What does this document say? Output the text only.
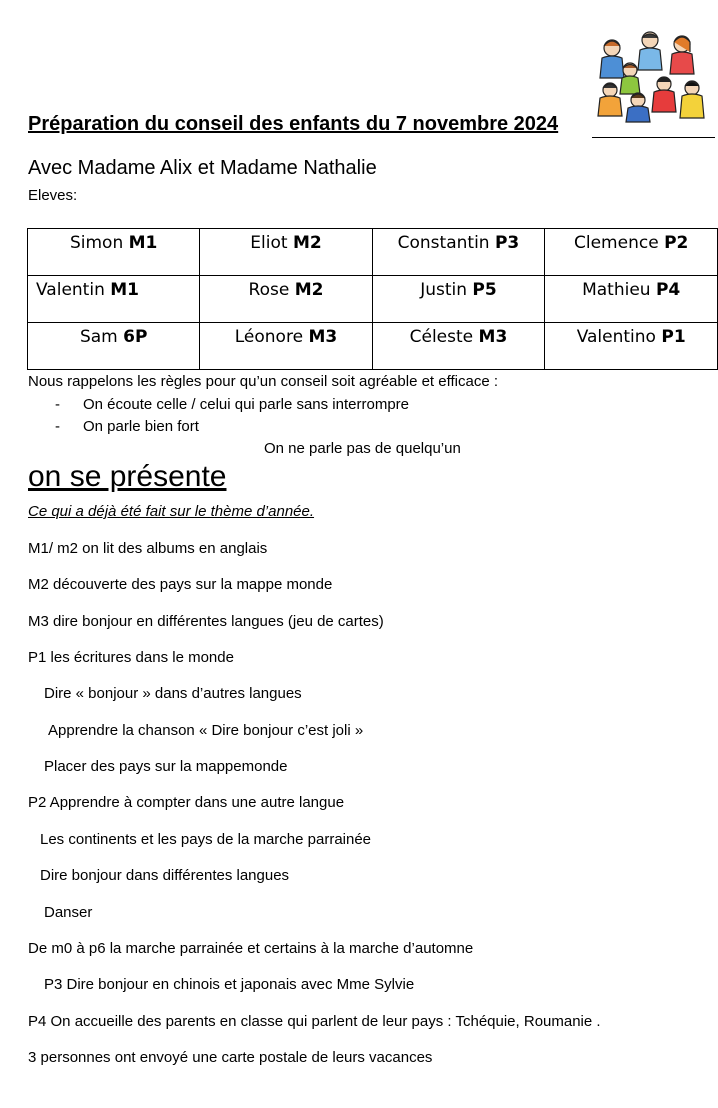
Préparation du conseil des enfants du 7 novembre 2024
Avec Madame Alix et Madame Nathalie
Eleves:
Simon M1	Eliot M2	Constantin P3	Clemence P2

Valentin M1	Rose M2	Justin P5	Mathieu P4

Sam 6P	Léonore M3	Céleste M3	Valentino P1
Nous rappelons les règles pour qu’un conseil soit agréable et efficace :
- On écoute celle / celui qui parle sans interrompre
- On parle bien fort
On ne parle pas de quelqu’un
on se présente
Ce qui a déjà été fait sur le thème d’année.
M1/ m2 on lit des albums en anglais
M2 découverte des pays sur la mappe monde
M3 dire bonjour en différentes langues (jeu de cartes)
P1 les écritures dans le monde
Dire « bonjour » dans d’autres langues
Apprendre la chanson « Dire bonjour c’est joli »
Placer des pays sur la mappemonde
P2 Apprendre à compter dans une autre langue
Les continents et les pays de la marche parrainée
Dire bonjour dans différentes langues
Danser
De m0 à p6 la marche parrainée et certains à la marche d’automne
P3 Dire bonjour en chinois et japonais avec Mme Sylvie
P4 On accueille des parents en classe qui parlent de leur pays : Tchéquie, Roumanie .
3 personnes ont envoyé une carte postale de leurs vacances
